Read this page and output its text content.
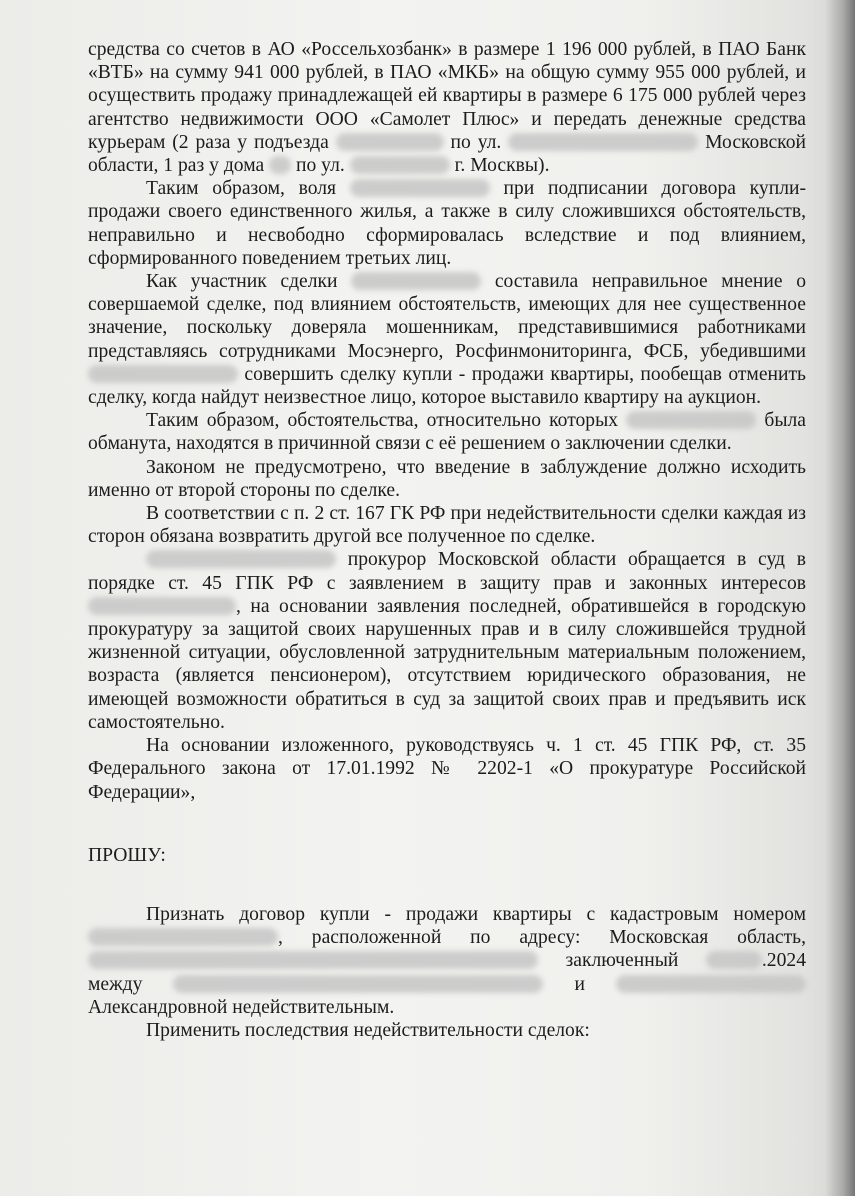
средства со счетов в АО «Россельхозбанк» в размере 1 196 000 рублей, в ПАО Банк «ВТБ» на сумму 941 000 рублей, в ПАО «МКБ» на общую сумму 955 000 рублей, и осуществить продажу принадлежащей ей квартиры в размере 6 175 000 рублей через агентство недвижимости ООО «Самолет Плюс» и передать денежные средства курьерам (2 раза у подъезда	по ул.	Московской области, 1 раз у дома  по ул.	г. Москвы).

Таким образом, воля	при подписании договора купли-продажи своего единственного жилья, а также в силу сложившихся обстоятельств, неправильно и несвободно сформировалась вследствие и под влиянием, сформированного поведением третьих лиц.

Как участник сделки	составила неправильное мнение о совершаемой сделке, под влиянием обстоятельств, имеющих для нее существенное значение, поскольку доверяла мошенникам, представившимися работниками представляясь сотрудниками Мосэнерго, Росфинмониторинга, ФСБ, убедившими  совершить сделку купли - продажи квартиры, пообещав отменить сделку, когда найдут неизвестное лицо, которое выставило квартиру на аукцион.

Таким образом, обстоятельства, относительно которых	была обманута, находятся в причинной связи с её решением о заключении сделки.

Законом не предусмотрено, что введение в заблуждение должно исходить именно от второй стороны по сделке.

В соответствии с п. 2 ст. 167 ГК РФ при недействительности сделки каждая из сторон обязана возвратить другой все полученное по сделке.

прокурор Московской области обращается в суд в порядке ст. 45 ГПК РФ с заявлением в защиту прав и законных интересов , на основании заявления последней, обратившейся в городскую прокуратуру за защитой своих нарушенных прав и в силу сложившейся трудной жизненной ситуации, обусловленной затруднительным материальным положением, возраста (является пенсионером), отсутствием юридического образования, не имеющей возможности обратиться в суд за защитой своих прав и предъявить иск самостоятельно.

На основании изложенного, руководствуясь ч. 1 ст. 45 ГПК РФ, ст. 35 Федерального закона от 17.01.1992 № 2202-1 «О прокуратуре Российской Федерации»,

ПРОШУ:

Признать договор купли - продажи квартиры с кадастровым номером , расположенной по адресу: Московская область,  заключенный	.2024 между	и  Александровной недействительным.

Применить последствия недействительности сделок:
